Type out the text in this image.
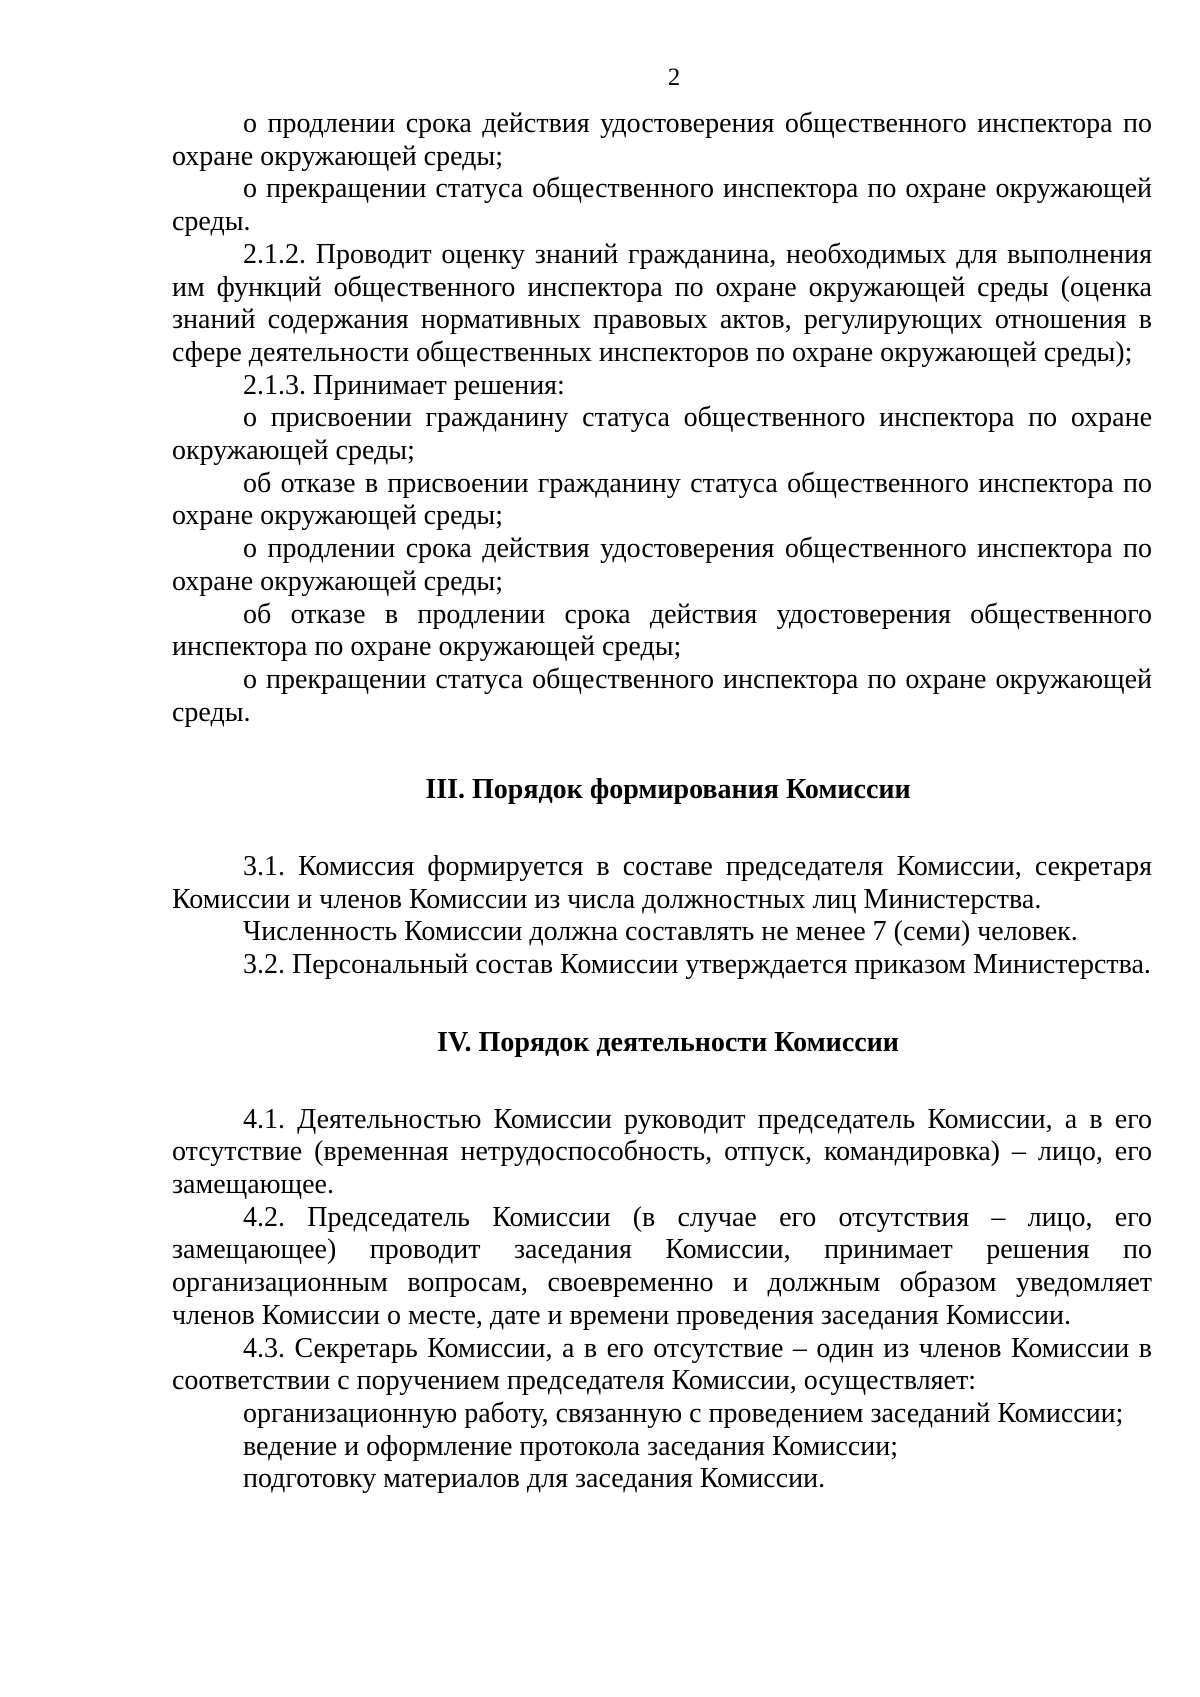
2

о продлении срока действия удостоверения общественного инспектора по охране окружающей среды;

о прекращении статуса общественного инспектора по охране окружающей среды.

2.1.2. Проводит оценку знаний гражданина, необходимых для выполнения им функций общественного инспектора по охране окружающей среды (оценка знаний содержания нормативных правовых актов, регулирующих отношения в сфере деятельности общественных инспекторов по охране окружающей среды);

2.1.3. Принимает решения:

о присвоении гражданину статуса общественного инспектора по охране окружающей среды;

об отказе в присвоении гражданину статуса общественного инспектора по охране окружающей среды;

о продлении срока действия удостоверения общественного инспектора по охране окружающей среды;

об отказе в продлении срока действия удостоверения общественного инспектора по охране окружающей среды;

о прекращении статуса общественного инспектора по охране окружающей среды.

III. Порядок формирования Комиссии

3.1. Комиссия формируется в составе председателя Комиссии, секретаря Комиссии и членов Комиссии из числа должностных лиц Министерства.

Численность Комиссии должна составлять не менее 7 (семи) человек.

3.2. Персональный состав Комиссии утверждается приказом Министерства.

IV. Порядок деятельности Комиссии

4.1. Деятельностью Комиссии руководит председатель Комиссии, а в его отсутствие (временная нетрудоспособность, отпуск, командировка) – лицо, его замещающее.

4.2. Председатель Комиссии (в случае его отсутствия – лицо, его замещающее) проводит заседания Комиссии, принимает решения по организационным вопросам, своевременно и должным образом уведомляет членов Комиссии о месте, дате и времени проведения заседания Комиссии.

4.3. Секретарь Комиссии, а в его отсутствие – один из членов Комиссии в соответствии с поручением председателя Комиссии, осуществляет:

организационную работу, связанную с проведением заседаний Комиссии;

ведение и оформление протокола заседания Комиссии;

подготовку материалов для заседания Комиссии.
